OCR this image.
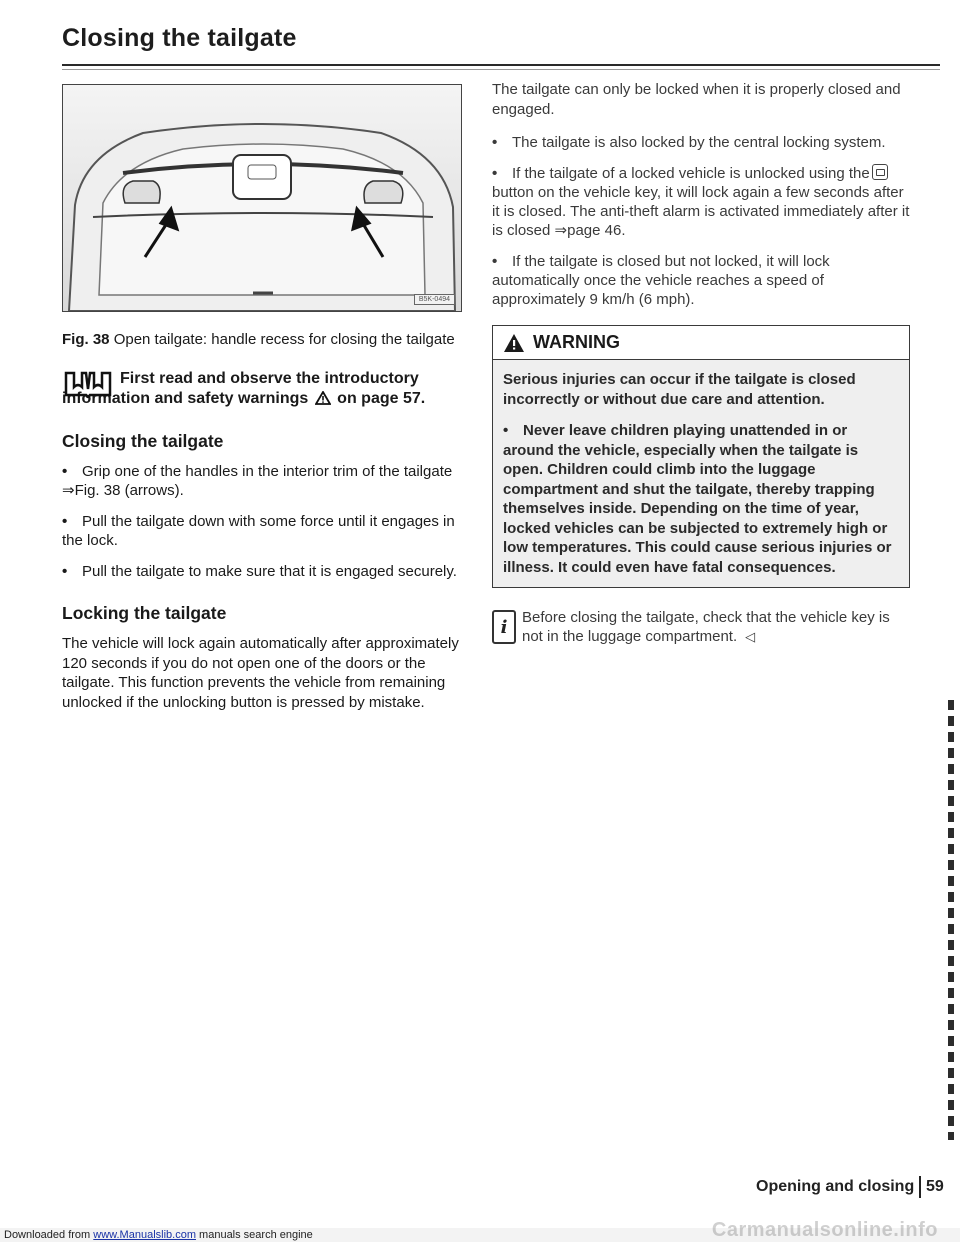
Closing the tailgate
B5K-0494

Fig. 38 Open tailgate: handle recess for closing the tailgate

First read and observe the introductory information and safety warnings on page 57.
Closing the tailgate

• Grip one of the handles in the interior trim of the tailgate ⇒Fig. 38 (arrows).

• Pull the tailgate down with some force until it engages in the lock.

• Pull the tailgate to make sure that it is engaged securely.

Locking the tailgate

The vehicle will lock again automatically after approximately 120 seconds if you do not open one of the doors or the tailgate. This function prevents the vehicle from remaining unlocked if the unlocking button is pressed by mistake.

The tailgate can only be locked when it is properly closed and engaged.

• The tailgate is also locked by the central locking system.

• If the tailgate of a locked vehicle is unlocked using thebutton on the vehicle key, it will lock again a few seconds after it is closed. The anti-theft alarm is activated immediately after it is closed ⇒page 46.

• If the tailgate is closed but not locked, it will lock automatically once the vehicle reaches a speed of approximately 9 km/h (6 mph).

WARNING

Serious injuries can occur if the tailgate is closed incorrectly or without due care and attention.

• Never leave children playing unattended in or around the vehicle, especially when the tailgate is open. Children could climb into the luggage compartment and shut the tailgate, thereby trapping themselves inside. Depending on the time of year, locked vehicles can be subjected to extremely high or low temperatures. This could cause serious injuries or illness. It could even have fatal consequences.

i Before closing the tailgate, check that the vehicle key is not in the luggage compartment. ◁
Opening and closing 59
Downloaded from www.Manualslib.com manuals search engine	Carmanualsonline.info
